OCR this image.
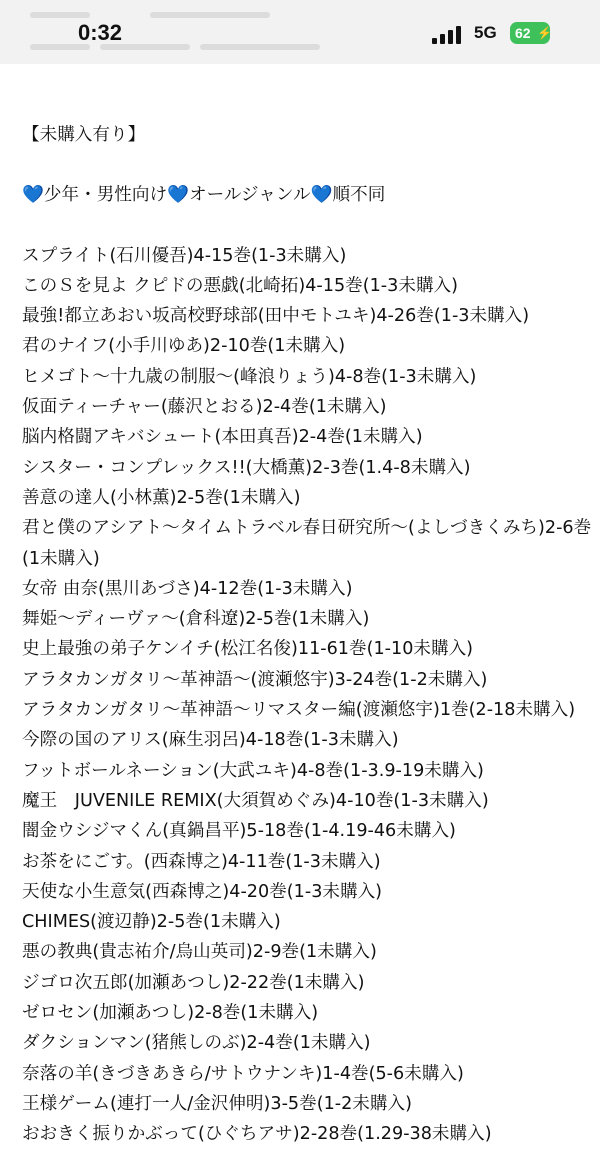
0:32	5G 62 ⚡

【未購入有り】

💙少年・男性向け💙オールジャンル💙順不同

スプライト(石川優吾)4-15巻(1-3未購入)

このＳを見よ クピドの悪戯(北崎拓)4-15巻(1-3未購入)

最強!都立あおい坂高校野球部(田中モトユキ)4-26巻(1-3未購入)

君のナイフ(小手川ゆあ)2-10巻(1未購入)

ヒメゴト～十九歳の制服～(峰浪りょう)4-8巻(1-3未購入)

仮面ティーチャー(藤沢とおる)2-4巻(1未購入)

脳内格闘アキバシュート(本田真吾)2-4巻(1未購入)

シスター・コンプレックス!!(大橋薫)2-3巻(1.4-8未購入)

善意の達人(小林薫)2-5巻(1未購入)

君と僕のアシアト～タイムトラベル春日研究所～(よしづきくみち)2-6巻(1未購入)

女帝 由奈(黒川あづさ)4-12巻(1-3未購入)

舞姫～ディーヴァ～(倉科遼)2-5巻(1未購入)

史上最強の弟子ケンイチ(松江名俊)11-61巻(1-10未購入)

アラタカンガタリ～革神語～(渡瀬悠宇)3-24巻(1-2未購入)

アラタカンガタリ～革神語～リマスター編(渡瀬悠宇)1巻(2-18未購入)

今際の国のアリス(麻生羽呂)4-18巻(1-3未購入)

フットボールネーション(大武ユキ)4-8巻(1-3.9-19未購入)

魔王　JUVENILE REMIX(大須賀めぐみ)4-10巻(1-3未購入)

闇金ウシジマくん(真鍋昌平)5-18巻(1-4.19-46未購入)

お茶をにごす。(西森博之)4-11巻(1-3未購入)

天使な小生意気(西森博之)4-20巻(1-3未購入)

CHIMES(渡辺静)2-5巻(1未購入)

悪の教典(貴志祐介/烏山英司)2-9巻(1未購入)

ジゴロ次五郎(加瀬あつし)2-22巻(1未購入)

ゼロセン(加瀬あつし)2-8巻(1未購入)

ダクションマン(猪熊しのぶ)2-4巻(1未購入)

奈落の羊(きづきあきら/サトウナンキ)1-4巻(5-6未購入)

王様ゲーム(連打一人/金沢伸明)3-5巻(1-2未購入)

おおきく振りかぶって(ひぐちアサ)2-28巻(1.29-38未購入)
